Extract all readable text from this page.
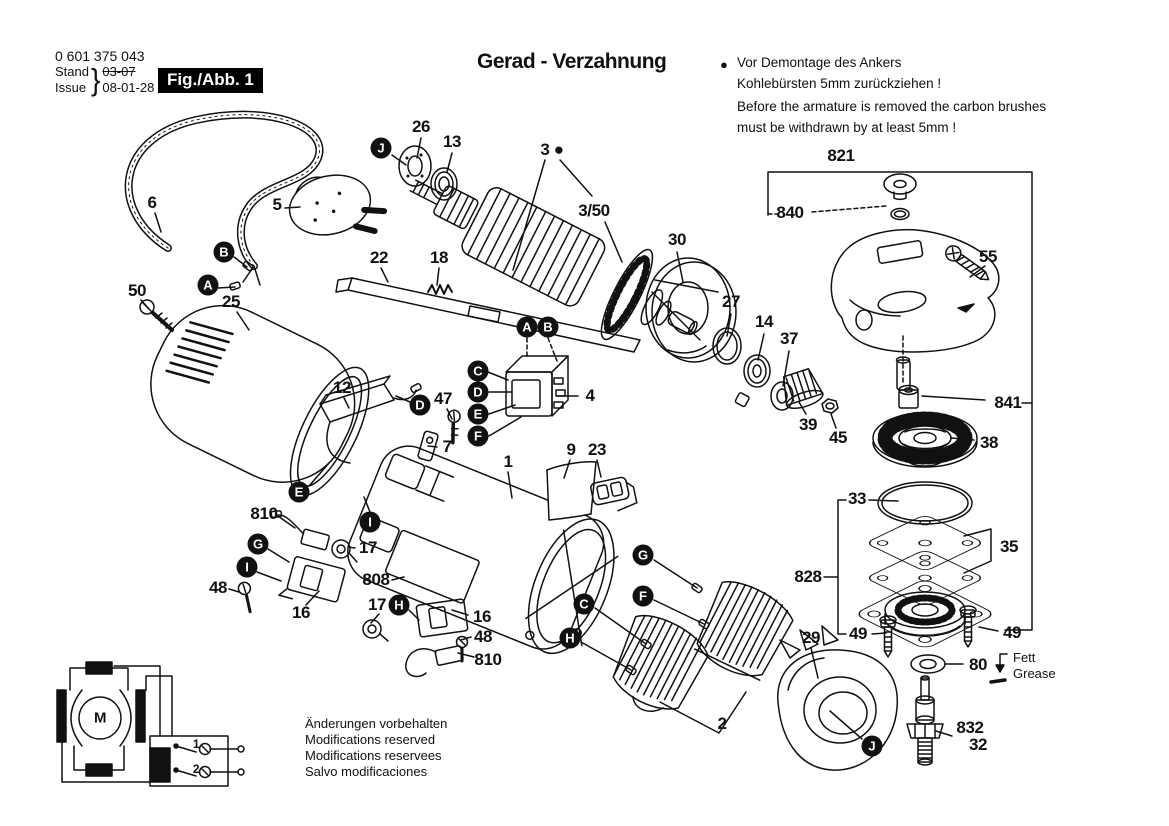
26
13	3 ●
3/50
821
840
55
30
27
14
37
39
45
841
38
33
35
828
49	49
80
832
32
29
5
6
50
25
22 18
12
47
7
4
1
9 23
810
17
48
16
808
17
16
48
810
2
M
1
2
J
B
A
A B
C
D
E
F
D
E
I
G
I
H
G
F
C
H
J
0 601 375 043
Stand
Issue } 03-07
08-01-28 Fig./Abb. 1
Gerad - Verzahnung	● Vor Demontage des Ankers
Kohlebürsten 5mm zurückziehen !
Before the armature is removed the carbon brushes
must be withdrawn by at least 5mm !
Änderungen vorbehalten
Modifications reserved
Modifications reservees
Salvo modificaciones
Fett
Grease
